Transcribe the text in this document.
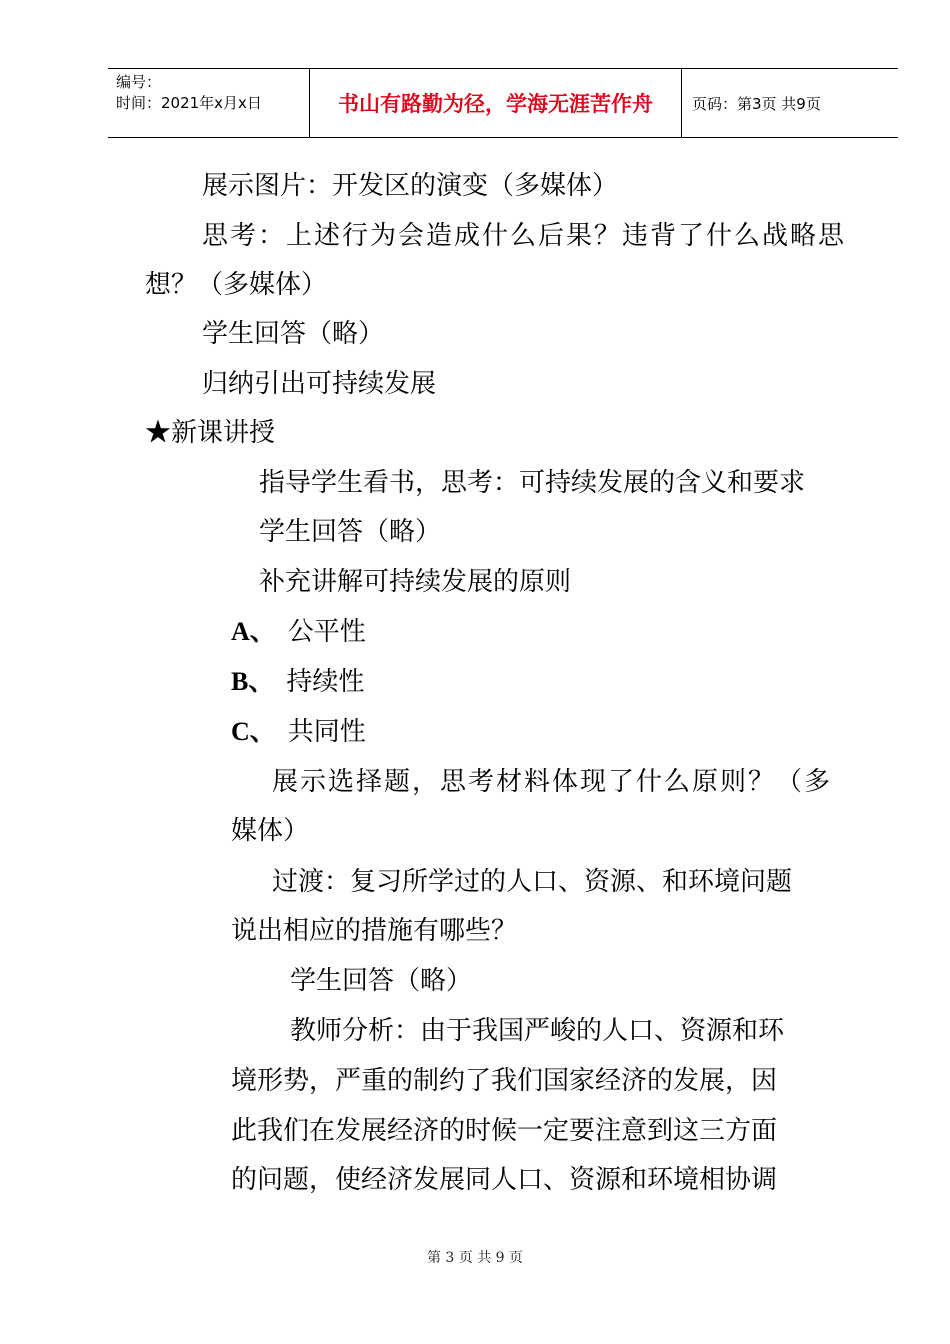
编号：
时间：2021年x月x日	书山有路勤为径，学海无涯苦作舟	页码：第3页 共9页
展示图片：开发区的演变（多媒体）
思考：上述行为会造成什么后果？违背了什么战略思
想？（多媒体）
学生回答（略）
归纳引出可持续发展
★新课讲授
指导学生看书，思考：可持续发展的含义和要求
学生回答（略）
补充讲解可持续发展的原则
A、 公平性
B、 持续性
C、 共同性
展示选择题，思考材料体现了什么原则？（多
媒体）
过渡：复习所学过的人口、资源、和环境问题
说出相应的措施有哪些？
学生回答（略）
教师分析：由于我国严峻的人口、资源和环
境形势，严重的制约了我们国家经济的发展，因
此我们在发展经济的时候一定要注意到这三方面
的问题，使经济发展同人口、资源和环境相协调
第 3 页 共 9 页
